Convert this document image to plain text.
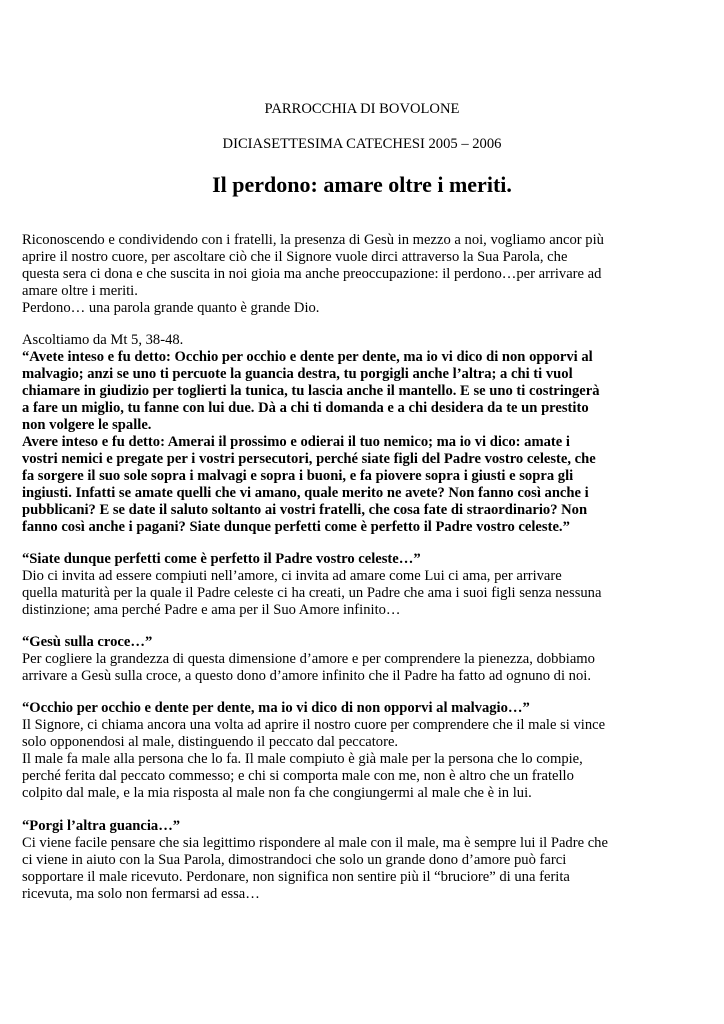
PARROCCHIA DI BOVOLONE

DICIASETTESIMA CATECHESI 2005 – 2006

Il perdono: amare oltre i meriti.

Riconoscendo e condividendo con i fratelli, la presenza di Gesù in mezzo a noi, vogliamo ancor più

aprire il nostro cuore, per ascoltare ciò che il Signore vuole dirci attraverso la Sua Parola, che

questa sera ci dona e che suscita in noi gioia ma anche preoccupazione: il perdono…per arrivare ad

amare oltre i meriti.

Perdono… una parola grande quanto è grande Dio.

Ascoltiamo da Mt 5, 38-48.

“Avete inteso e fu detto: Occhio per occhio e dente per dente, ma io vi dico di non opporvi al

malvagio; anzi se uno ti percuote la guancia destra, tu porgigli anche l’altra; a chi ti vuol

chiamare in giudizio per toglierti la tunica, tu lascia anche il mantello. E se uno ti costringerà

a fare un miglio, tu fanne con lui due. Dà a chi ti domanda e a chi desidera da te un prestito

non volgere le spalle.

Avere inteso e fu detto: Amerai il prossimo e odierai il tuo nemico; ma io vi dico: amate i

vostri nemici e pregate per i vostri persecutori, perché siate figli del Padre vostro celeste, che

fa sorgere il suo sole sopra i malvagi e sopra i buoni, e fa piovere sopra i giusti e sopra gli

ingiusti. Infatti se amate quelli che vi amano, quale merito ne avete? Non fanno così anche i

pubblicani? E se date il saluto soltanto ai vostri fratelli, che cosa fate di straordinario? Non

fanno così anche i pagani? Siate dunque perfetti come è perfetto il Padre vostro celeste.”

“Siate dunque perfetti come è perfetto il Padre vostro celeste…”

Dio ci invita ad essere compiuti nell’amore, ci invita ad amare come Lui ci ama, per arrivare

quella maturità per la quale il Padre celeste ci ha creati, un Padre che ama i suoi figli senza nessuna

distinzione; ama perché Padre e ama per il Suo Amore infinito…

“Gesù sulla croce…”

Per cogliere la grandezza di questa dimensione d’amore e per comprendere la pienezza, dobbiamo

arrivare a Gesù sulla croce, a questo dono d’amore infinito che il Padre ha fatto ad ognuno di noi.

“Occhio per occhio e dente per dente, ma io vi dico di non opporvi al malvagio…”

Il Signore, ci chiama ancora una volta ad aprire il nostro cuore per comprendere che il male si vince

solo opponendosi al male, distinguendo il peccato dal peccatore.

Il male fa male alla persona che lo fa. Il male compiuto è già male per la persona che lo compie,

perché ferita dal peccato commesso; e chi si comporta male con me, non è altro che un fratello

colpito dal male, e la mia risposta al male non fa che congiungermi al male che è in lui.

“Porgi l’altra guancia…”

Ci viene facile pensare che sia legittimo rispondere al male con il male, ma è sempre lui il Padre che

ci viene in aiuto con la Sua Parola, dimostrandoci che solo un grande dono d’amore può farci

sopportare il male ricevuto. Perdonare, non significa non sentire più il “bruciore” di una ferita

ricevuta, ma solo non fermarsi ad essa…
